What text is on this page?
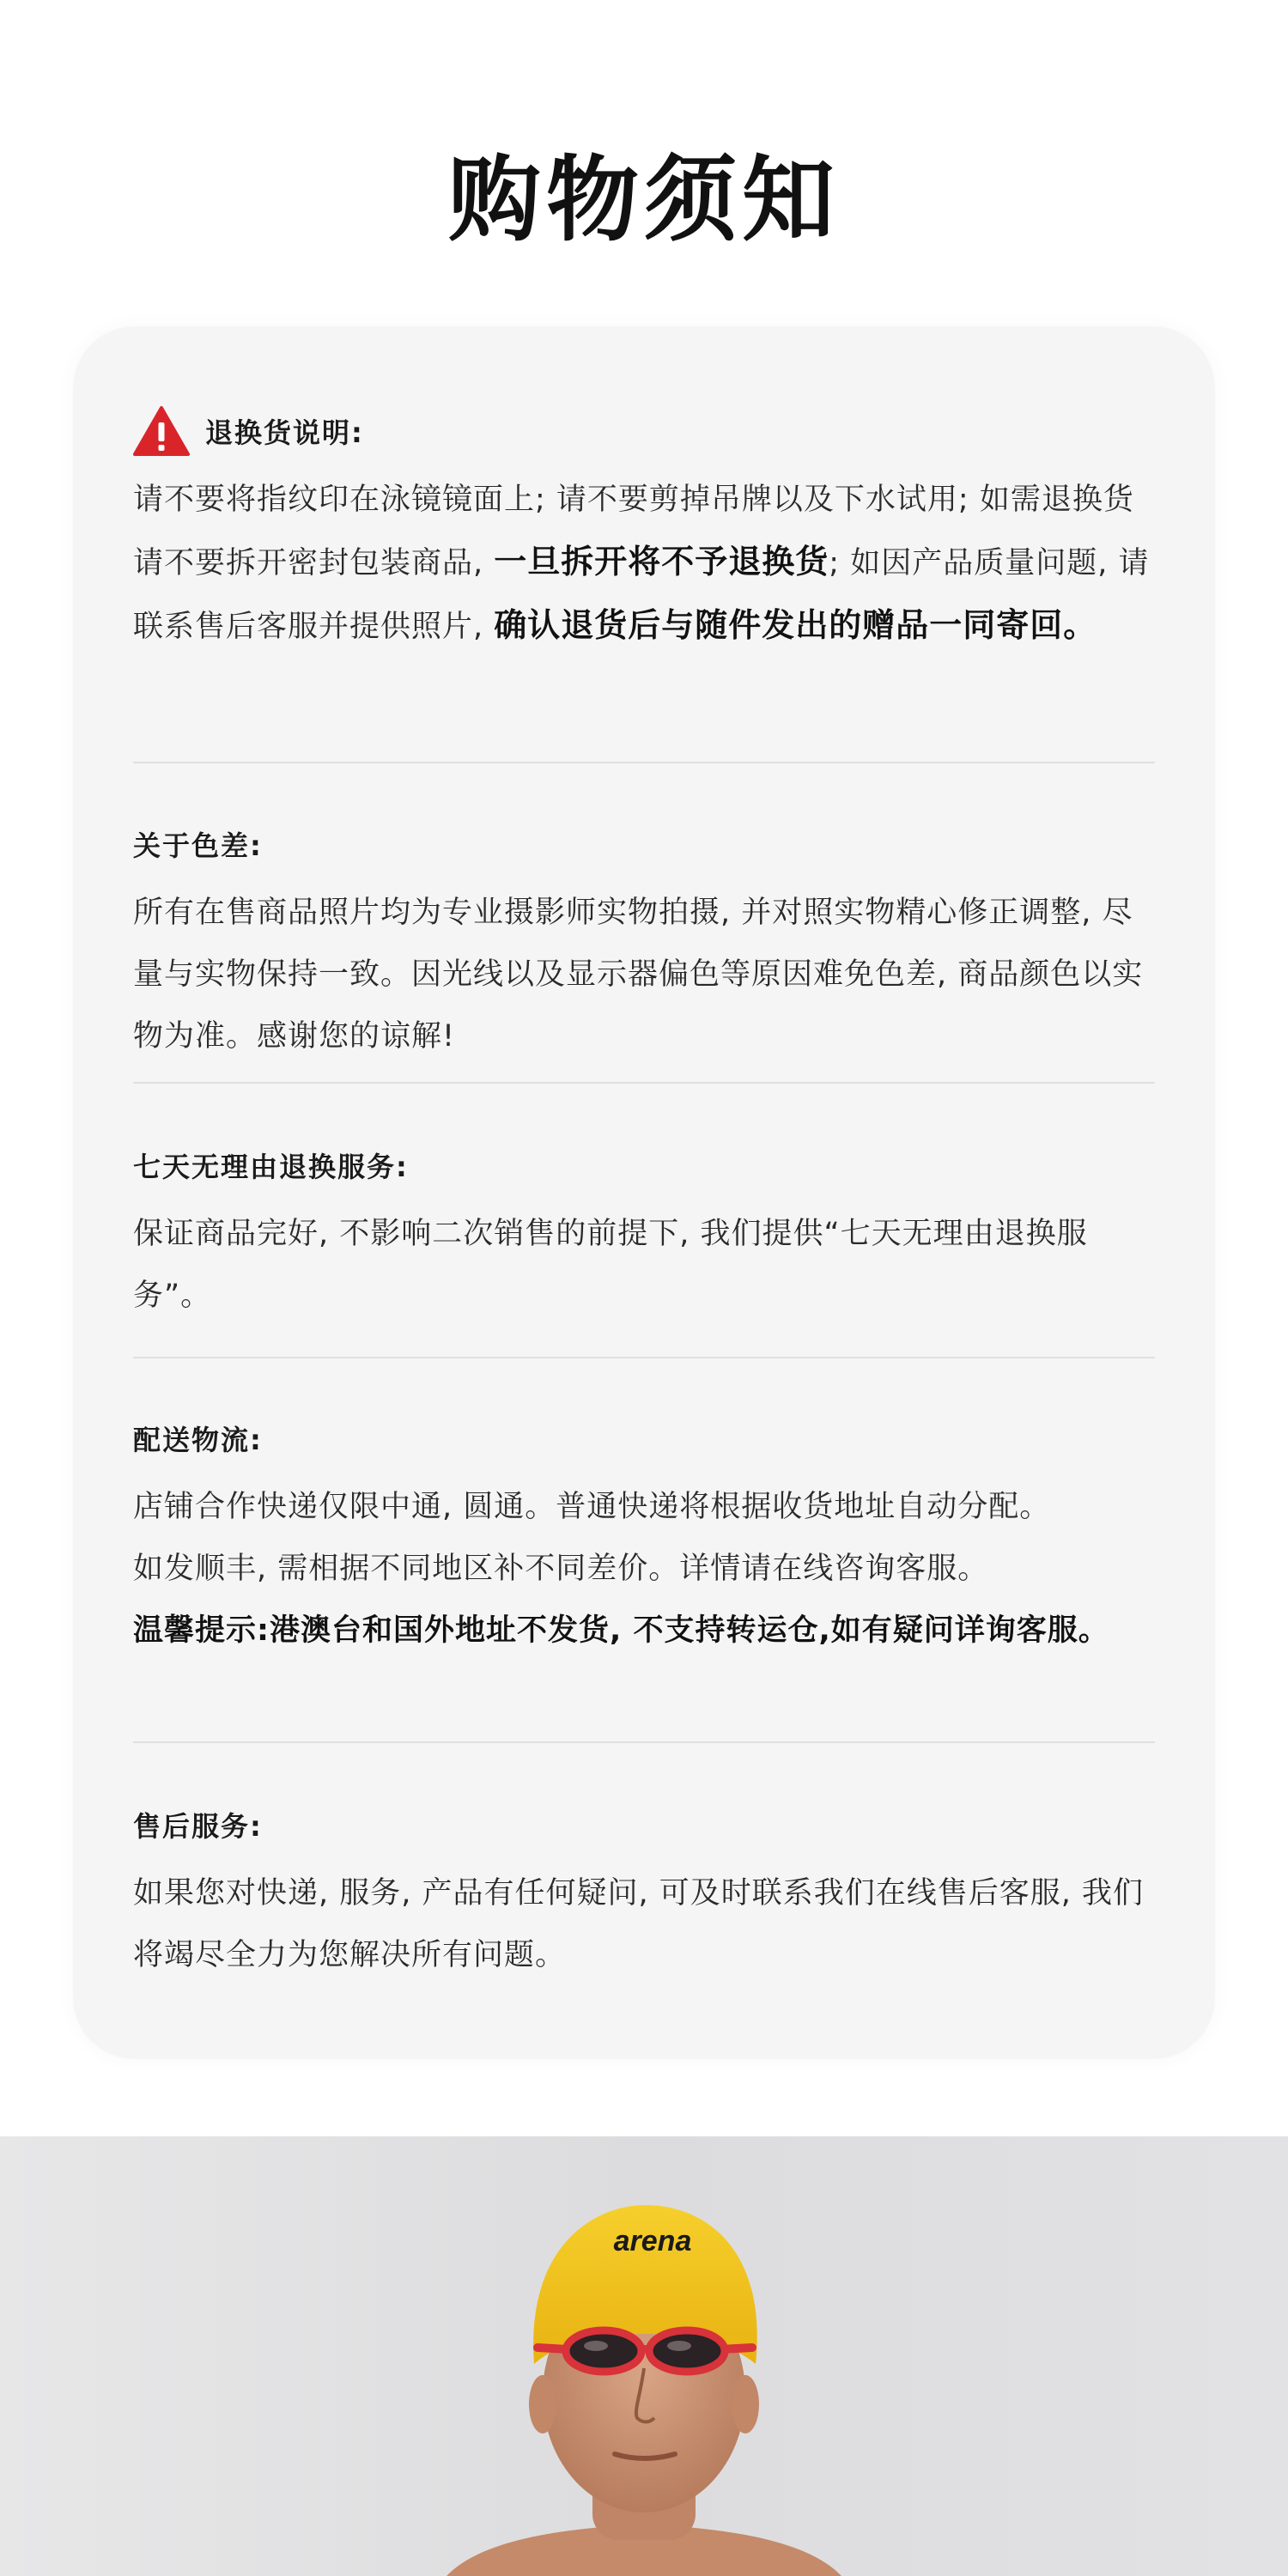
购物须知
退换货说明:

请不要将指纹印在泳镜镜面上; 请不要剪掉吊牌以及下水试用; 如需退换货请不要拆开密封包装商品, 一旦拆开将不予退换货; 如因产品质量问题, 请联系售后客服并提供照片, 确认退货后与随件发出的赠品一同寄回。

关于色差:

所有在售商品照片均为专业摄影师实物拍摄, 并对照实物精心修正调整, 尽量与实物保持一致。因光线以及显示器偏色等原因难免色差, 商品颜色以实物为准。感谢您的谅解!

七天无理由退换服务:

保证商品完好, 不影响二次销售的前提下, 我们提供“七天无理由退换服务”。

配送物流:

店铺合作快递仅限中通, 圆通。普通快递将根据收货地址自动分配。

如发顺丰, 需相据不同地区补不同差价。详情请在线咨询客服。

温馨提示:港澳台和国外地址不发货, 不支持转运仓,如有疑问详询客服。

售后服务:

如果您对快递, 服务, 产品有任何疑问, 可及时联系我们在线售后客服, 我们将竭尽全力为您解决所有问题。

arena
